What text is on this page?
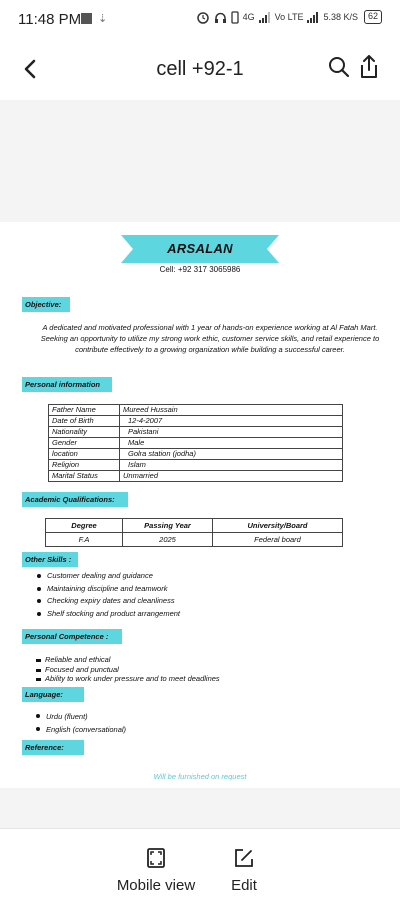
11:48 PM ⇣	4G Vo LTE 5.38 K/S	62
cell +92-1
ARSALAN
Cell: +92 317 3065986
Objective:
A dedicated and motivated professional with 1 year of hands-on experience working at Al Fatah Mart. Seeking an opportunity to utilize my strong work ethic, customer service skills, and retail experience to contribute effectively to a growing organization while building a successful career.
Personal information
Father Name	Mureed Hussain
Date of Birth	12-4-2007
Nationality	Pakistani
Gender	Male
location	Golra station (jodha)
Religion	Islam
Marital Status	Unmarried
Academic Qualifications:
Degree	Passing Year	University/Board
F.A	2025	Federal board
Other Skills :
Customer dealing and guidance
Maintaining discipline and teamwork
Checking expiry dates and cleanliness
Shelf stocking and product arrangement
Personal Competence :
Reliable and ethical
Focused and punctual
Ability to work under pressure and to meet deadlines
Language:
Urdu (fluent)
English (conversational)
Reference:
Will be furnished on request
Mobile view Edit
